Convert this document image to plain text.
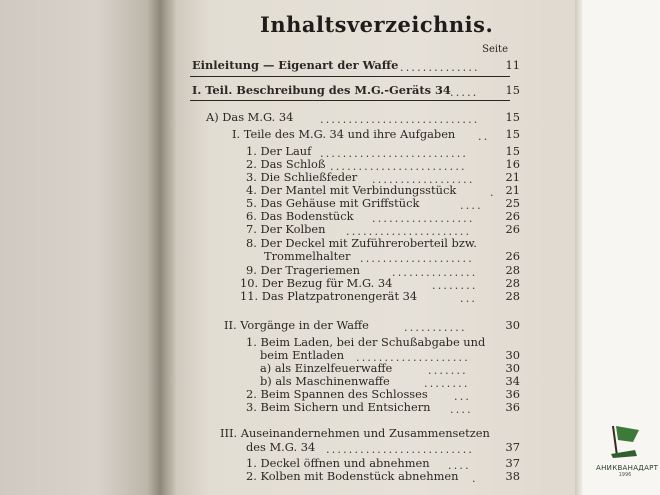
Inhaltsverzeichnis.
Seite
Einleitung — Eigenart der Waffe ..............	11
I. Teil. Beschreibung des M.G.-Geräts 34 .....	15
A) Das M.G. 34 ............................	15
I. Teile des M.G. 34 und ihre Aufgaben ..	15
1. Der Lauf ..........................	15
2. Das Schloß ........................	16
3. Die Schließfeder ..................	21
4. Der Mantel mit Verbindungsstück	. 21
5. Das Gehäuse mit Griffstück	....	25
6. Das Bodenstück ..................	26
7. Der Kolben ......................	26
8. Der Deckel mit Zuführeroberteil bzw.
Trommelhalter ....................	26
9. Der Trageriemen	...............	28
10. Der Bezug für M.G. 34	........	28
11. Das Platzpatronengerät 34	...	28
II. Vorgänge in der Waffe	...........	30
1. Beim Laden, bei der Schußabgabe und
beim Entladen ....................	30
a) als Einzelfeuerwaffe	.......	30
b) als Maschinenwaffe	........	34
2. Beim Spannen des Schlosses ...	36
3. Beim Sichern und Entsichern ....	36
III. Auseinandernehmen und Zusammensetzen
des M.G. 34 ..........................	37
1. Deckel öffnen und abnehmen ....	37
2. Kolben mit Bodenstück abnehmen .	38
АНИКВАНАДАРТ
1996
